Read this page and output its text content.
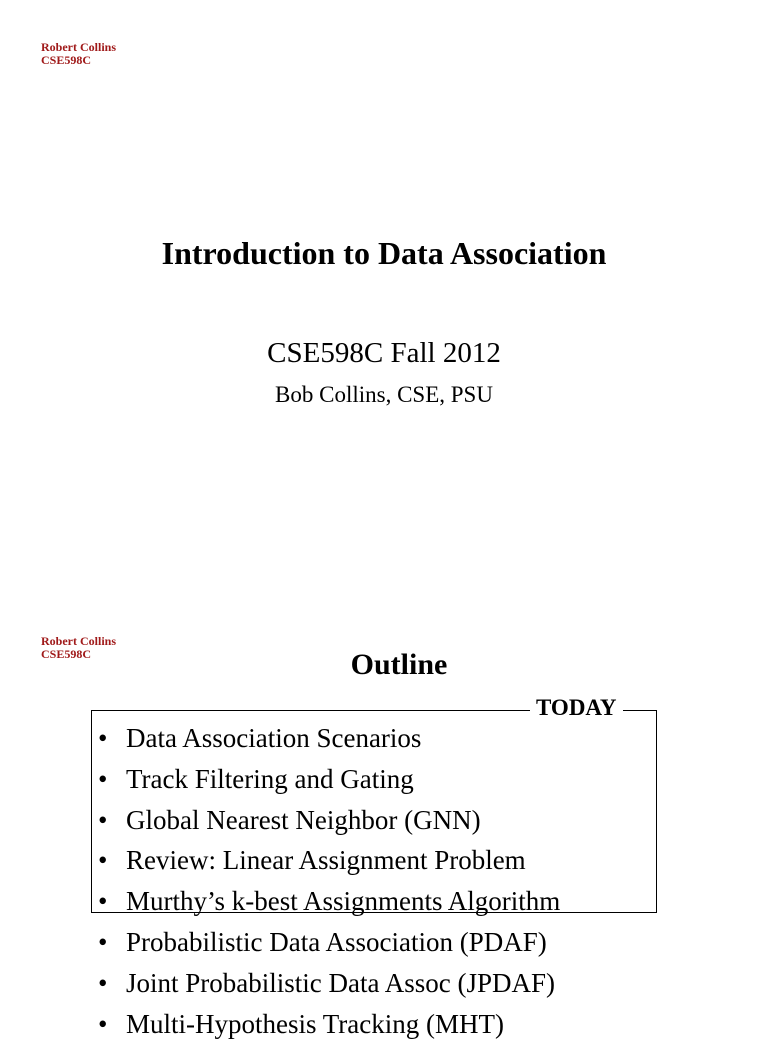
Robert Collins
CSE598C
Introduction to Data Association
CSE598C Fall 2012
Bob Collins, CSE, PSU
Robert Collins
CSE598C	Outline
TODAY
• Data Association Scenarios
• Track Filtering and Gating
• Global Nearest Neighbor (GNN)
• Review: Linear Assignment Problem
• Murthy’s k-best Assignments Algorithm
• Probabilistic Data Association (PDAF)
• Joint Probabilistic Data Assoc (JPDAF)
• Multi-Hypothesis Tracking (MHT)
